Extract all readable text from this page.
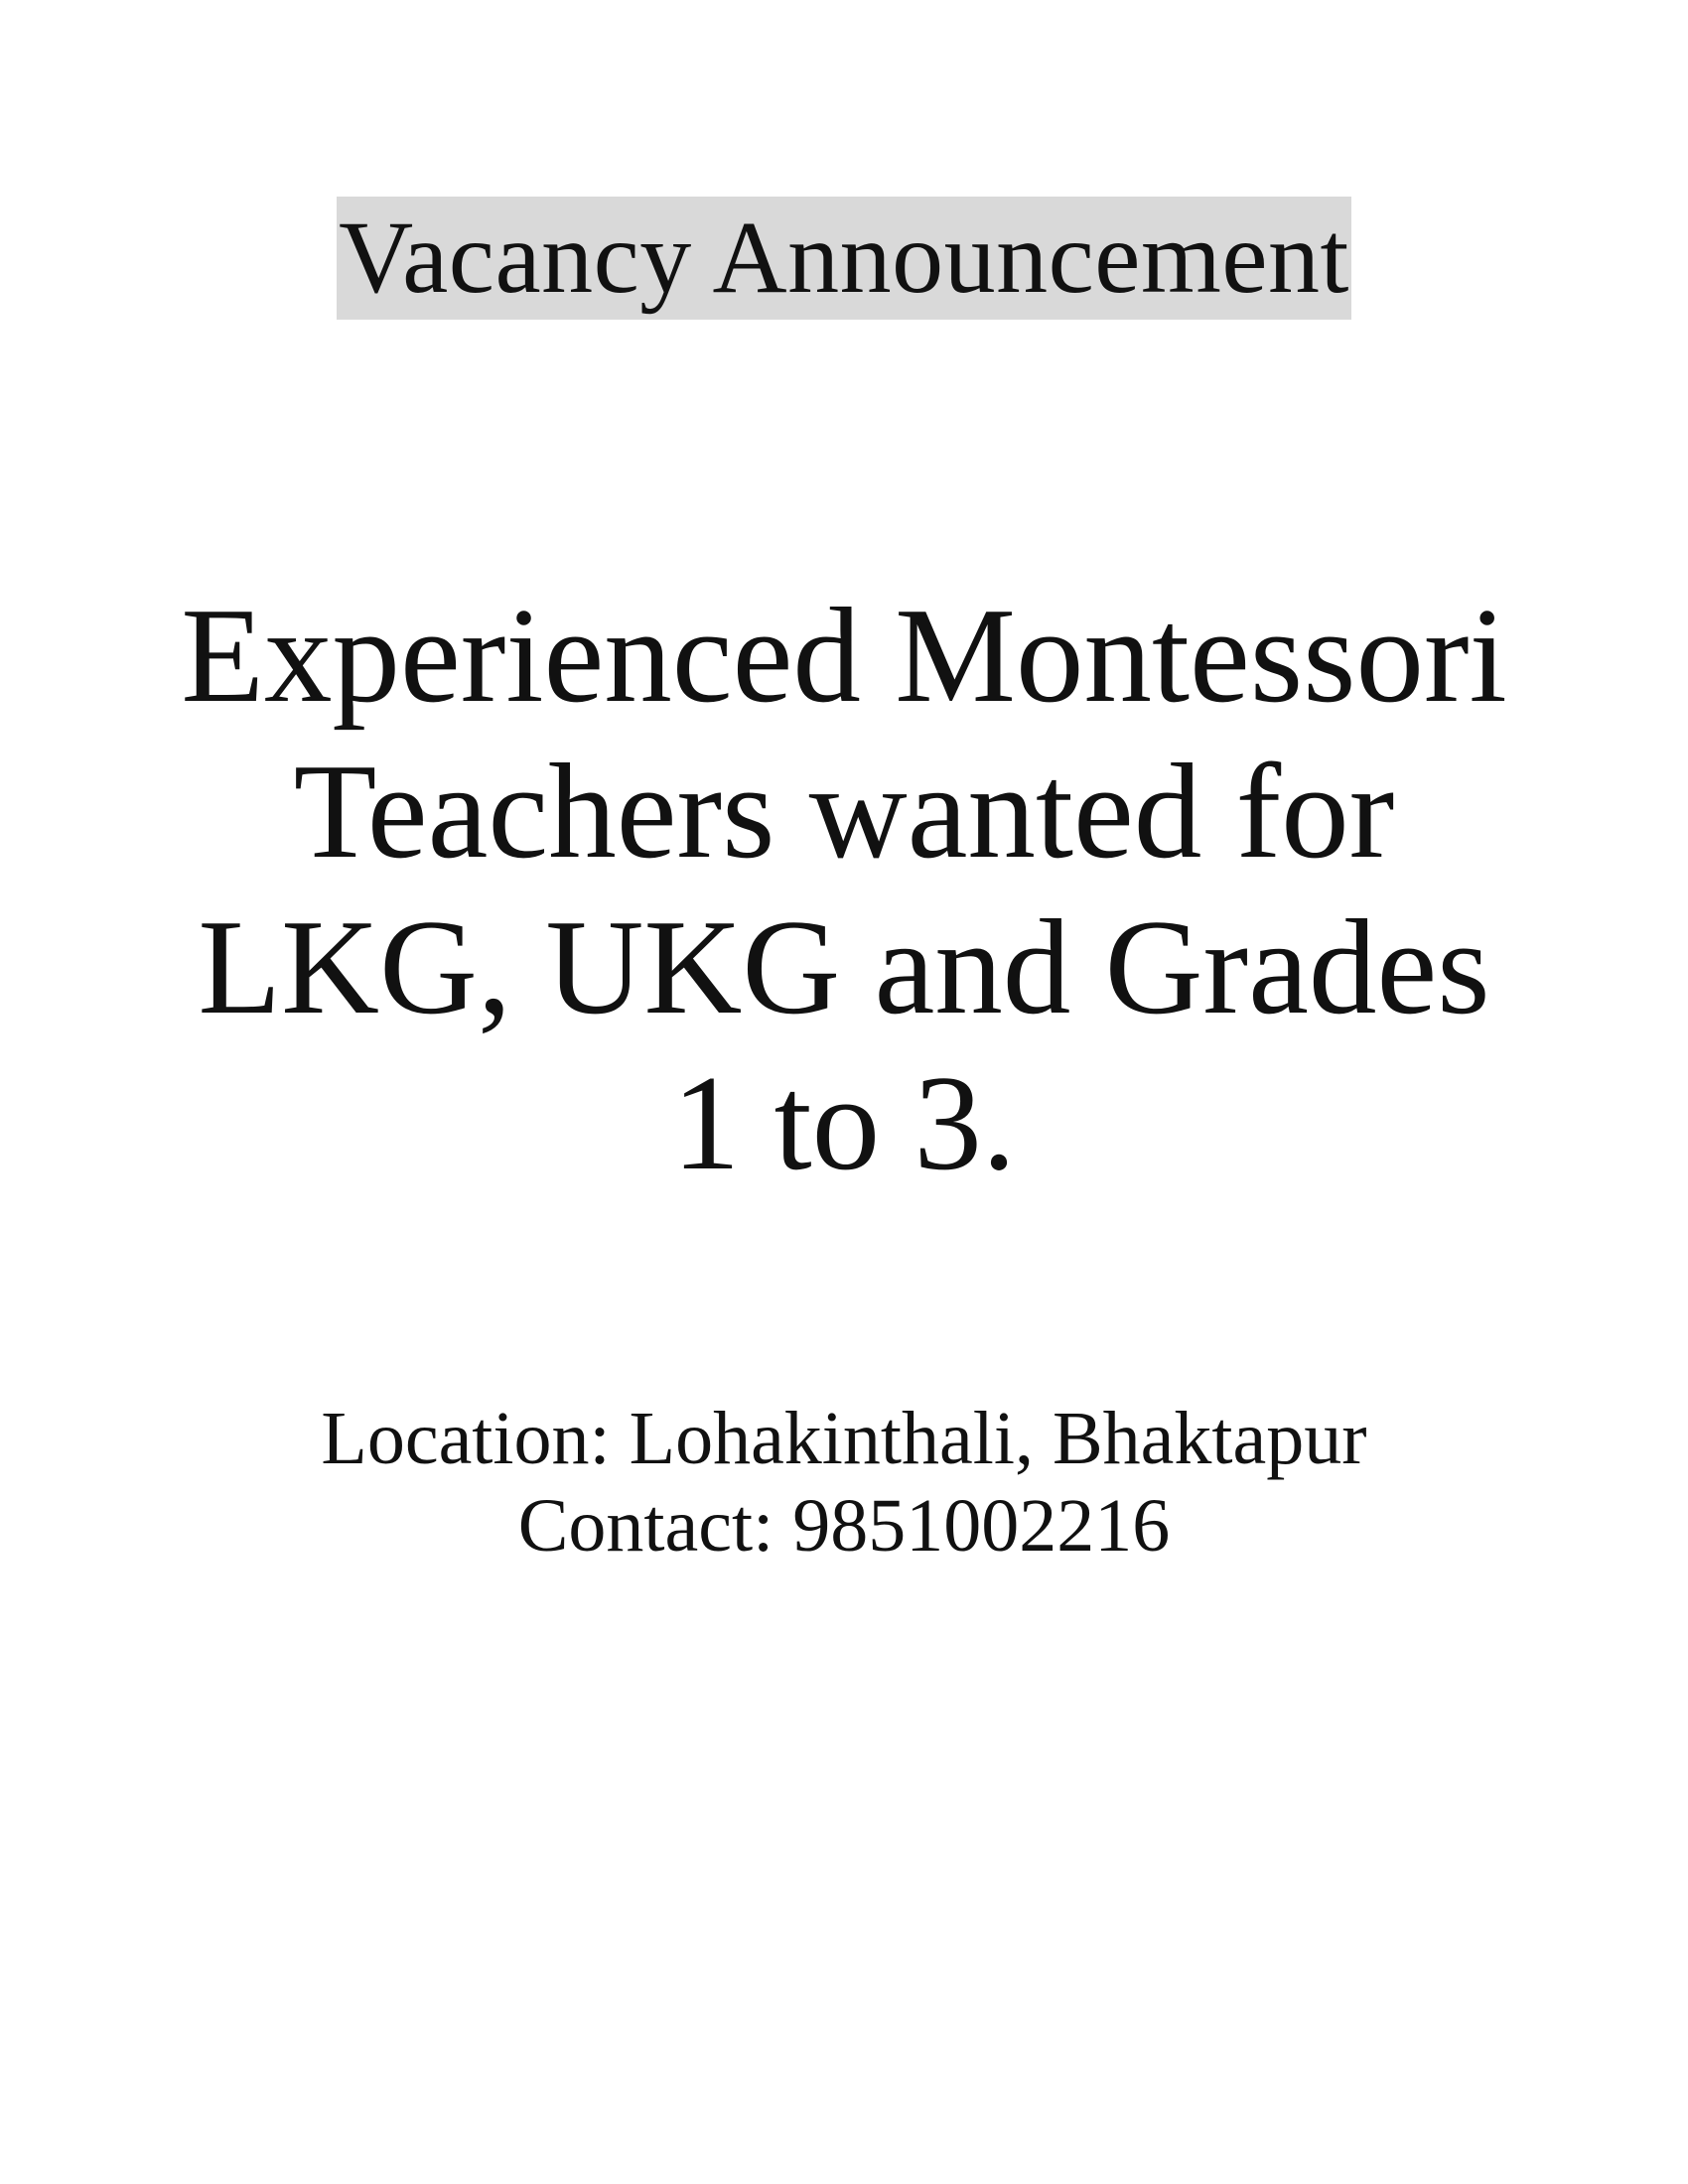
Vacancy Announcement
Experienced Montessori
Teachers wanted for
LKG, UKG and Grades
1 to 3.
Location: Lohakinthali, Bhaktapur
Contact: 9851002216
